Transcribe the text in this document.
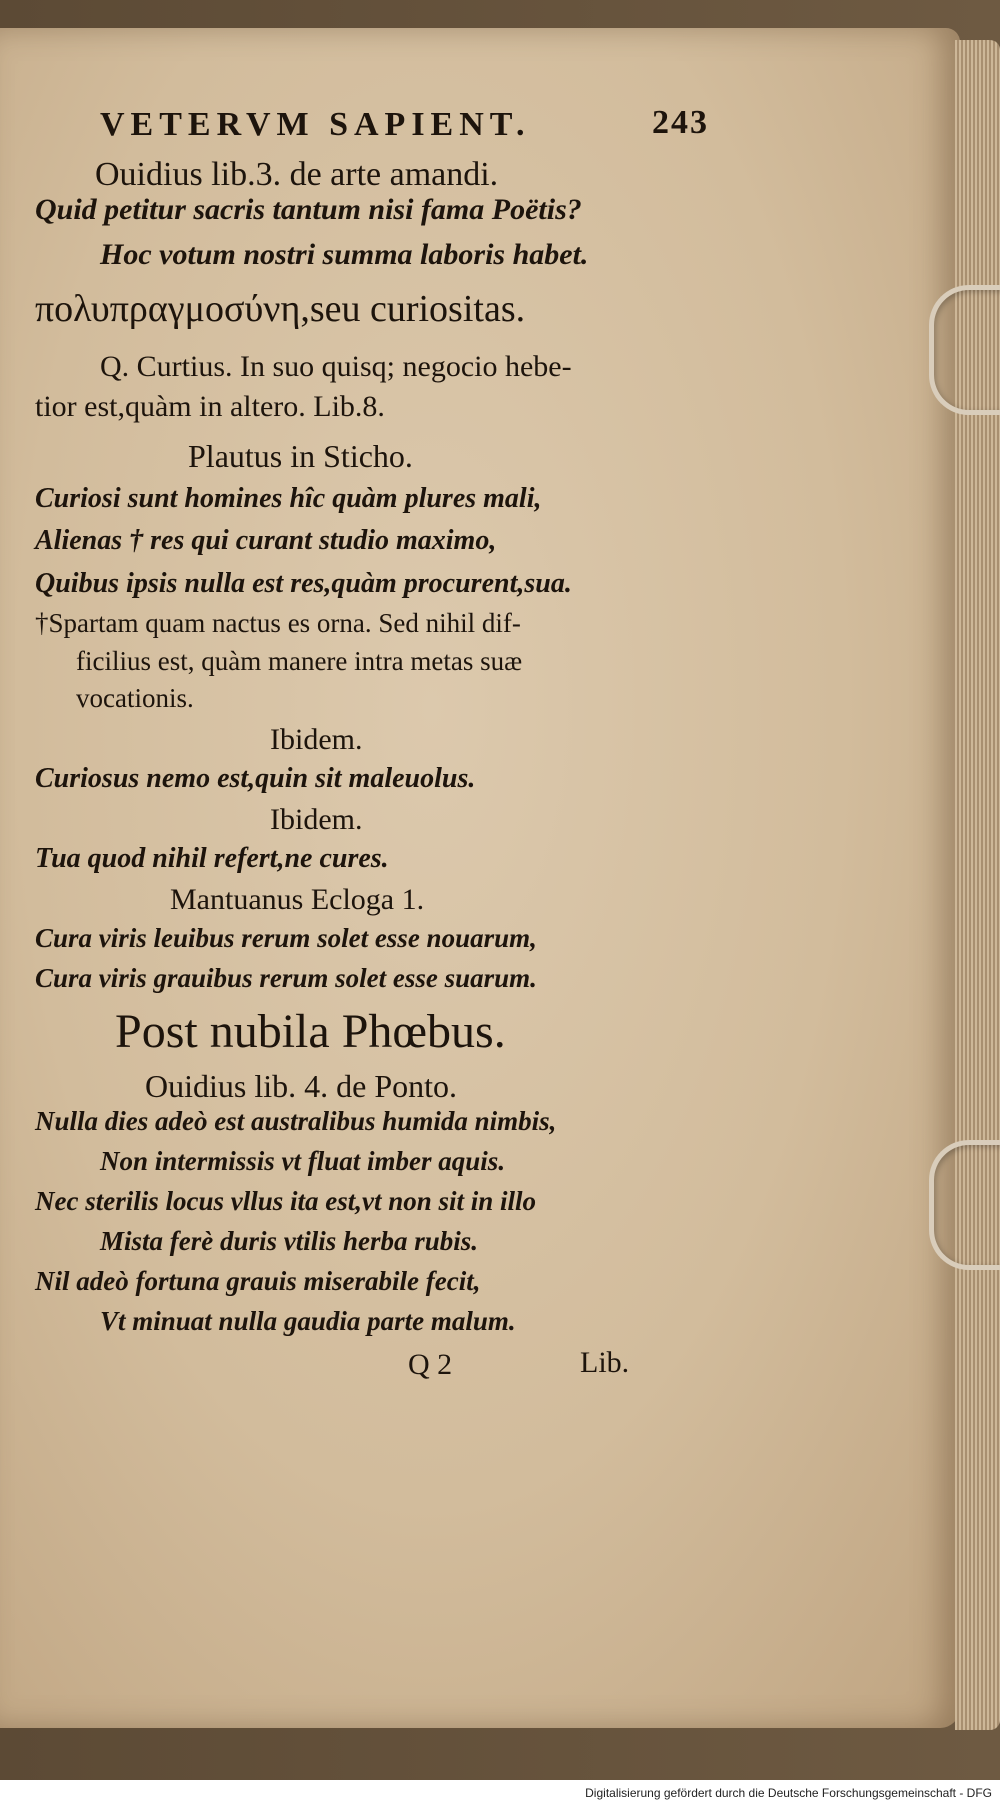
VETERVM SAPIENT.	243
Ouidius lib.3. de arte amandi.
Quid petitur sacris tantum nisi fama Poëtis?
Hoc votum nostri summa laboris habet.
πολυπραγμοσύνη,seu curiositas.
Q. Curtius. In suo quisq; negocio hebe-
tior est,quàm in altero. Lib.8.
Plautus in Sticho.
Curiosi sunt homines hîc quàm plures mali,
Alienas † res qui curant studio maximo,
Quibus ipsis nulla est res,quàm procurent,sua.
†Spartam quam nactus es orna. Sed nihil dif-
ficilius est, quàm manere intra metas suæ
vocationis.
Ibidem.
Curiosus nemo est,quin sit maleuolus.
Ibidem.
Tua quod nihil refert,ne cures.
Mantuanus Ecloga 1.
Cura viris leuibus rerum solet esse nouarum,
Cura viris grauibus rerum solet esse suarum.
Post nubila Phœbus.
Ouidius lib. 4. de Ponto.
Nulla dies adeò est australibus humida nimbis,
Non intermissis vt fluat imber aquis.
Nec sterilis locus vllus ita est,vt non sit in illo
Mista ferè duris vtilis herba rubis.
Nil adeò fortuna grauis miserabile fecit,
Vt minuat nulla gaudia parte malum.
Q 2	Lib.
Digitalisierung gefördert durch die Deutsche Forschungsgemeinschaft - DFG
